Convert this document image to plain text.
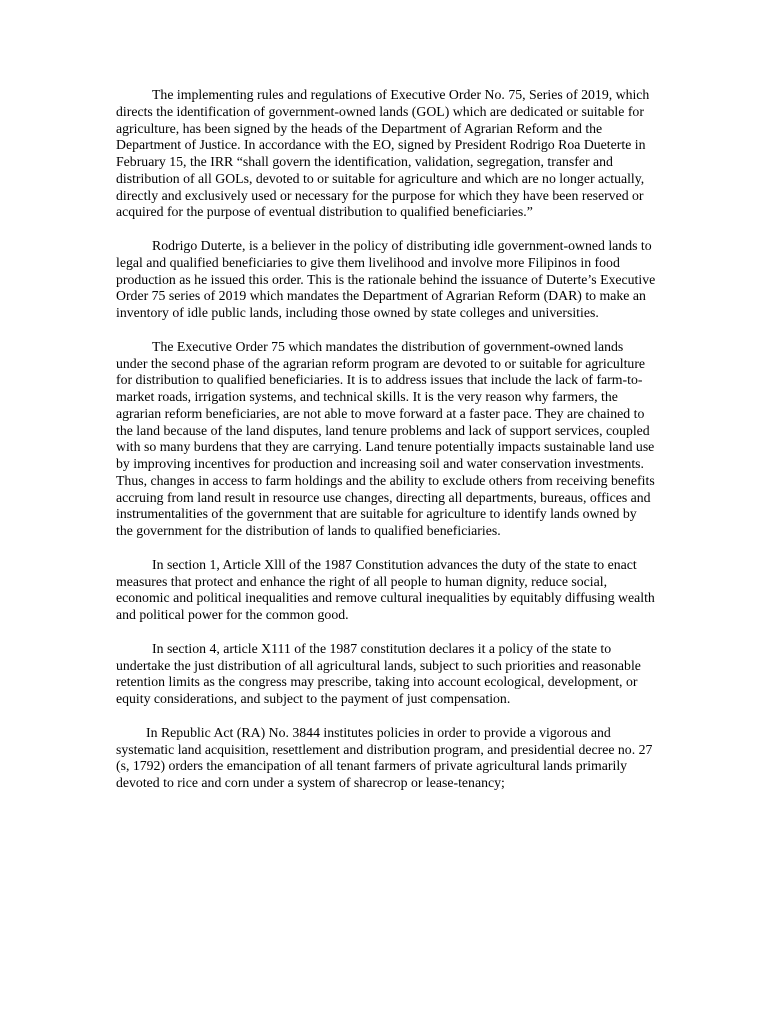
The implementing rules and regulations of Executive Order No. 75, Series of 2019, which directs the identification of government-owned lands (GOL) which are dedicated or suitable for agriculture, has been signed by the heads of the Department of Agrarian Reform and the Department of Justice. In accordance with the EO, signed by President Rodrigo Roa Dueterte in February 15, the IRR “shall govern the identification, validation, segregation, transfer and distribution of all GOLs, devoted to or suitable for agriculture and which are no longer actually, directly and exclusively used or necessary for the purpose for which they have been reserved or acquired for the purpose of eventual distribution to qualified beneficiaries.”

Rodrigo Duterte, is a believer in the policy of distributing idle government-owned lands to legal and qualified beneficiaries to give them livelihood and involve more Filipinos in food production as he issued this order. This is the rationale behind the issuance of Duterte’s Executive Order 75 series of 2019 which mandates the Department of Agrarian Reform (DAR) to make an inventory of idle public lands, including those owned by state colleges and universities.

The Executive Order 75 which mandates the distribution of government-owned lands under the second phase of the agrarian reform program are devoted to or suitable for agriculture for distribution to qualified beneficiaries. It is to address issues that include the lack of farm-to-market roads, irrigation systems, and technical skills. It is the very reason why farmers, the agrarian reform beneficiaries, are not able to move forward at a faster pace. They are chained to the land because of the land disputes, land tenure problems and lack of support services, coupled with so many burdens that they are carrying. Land tenure potentially impacts sustainable land use by improving incentives for production and increasing soil and water conservation investments. Thus, changes in access to farm holdings and the ability to exclude others from receiving benefits accruing from land result in resource use changes, directing all departments, bureaus, offices and instrumentalities of the government that are suitable for agriculture to identify lands owned by the government for the distribution of lands to qualified beneficiaries.

In section 1, Article Xlll of the 1987 Constitution advances the duty of the state to enact measures that protect and enhance the right of all people to human dignity, reduce social, economic and political inequalities and remove cultural inequalities by equitably diffusing wealth and political power for the common good.

In section 4, article X111 of the 1987 constitution declares it a policy of the state to undertake the just distribution of all agricultural lands, subject to such priorities and reasonable retention limits as the congress may prescribe, taking into account ecological, development, or equity considerations, and subject to the payment of just compensation.

In Republic Act (RA) No. 3844 institutes policies in order to provide a vigorous and systematic land acquisition, resettlement and distribution program, and presidential decree no. 27 (s, 1792) orders the emancipation of all tenant farmers of private agricultural lands primarily devoted to rice and corn under a system of sharecrop or lease-tenancy;
